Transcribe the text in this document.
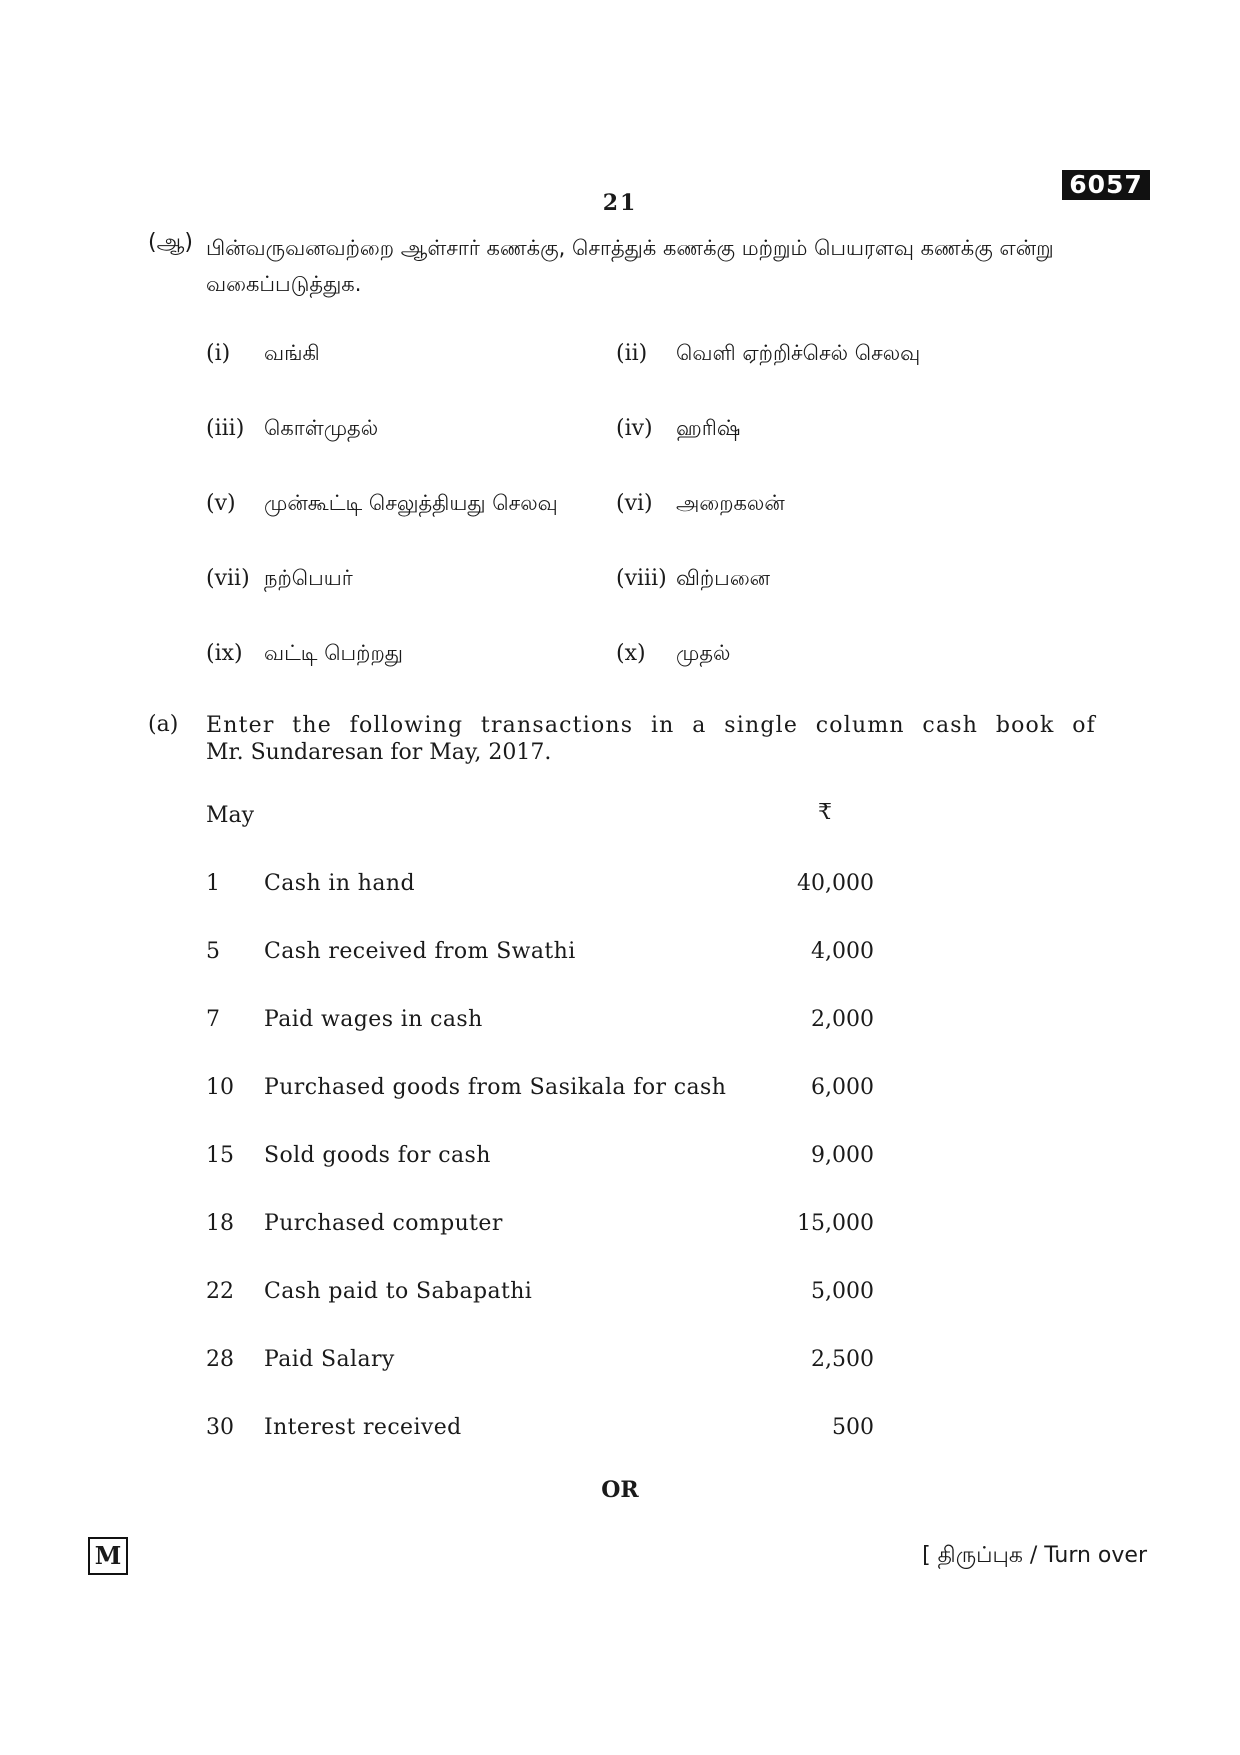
6057
21
(ஆ) பின்வருவனவற்றை ஆள்சார் கணக்கு, சொத்துக் கணக்கு மற்றும் பெயரளவு கணக்கு என்று வகைப்படுத்துக.
(i) வங்கி	(ii) வெளி ஏற்றிச்செல் செலவு
(iii) கொள்முதல்	(iv) ஹரிஷ்
(v) முன்கூட்டி செலுத்தியது செலவு	(vi) அறைகலன்
(vii) நற்பெயர்	(viii) விற்பனை
(ix) வட்டி பெற்றது	(x) முதல்
(a) Enter the following transactions in a single column cash book of
Mr. Sundaresan for May, 2017.
May	₹
1 Cash in hand	40,000
5 Cash received from Swathi	4,000
7 Paid wages in cash	2,000
10 Purchased goods from Sasikala for cash	6,000
15 Sold goods for cash	9,000
18 Purchased computer	15,000
22 Cash paid to Sabapathi	5,000
28 Paid Salary	2,500
30 Interest received	500
OR
M	[ திருப்புக / Turn over
